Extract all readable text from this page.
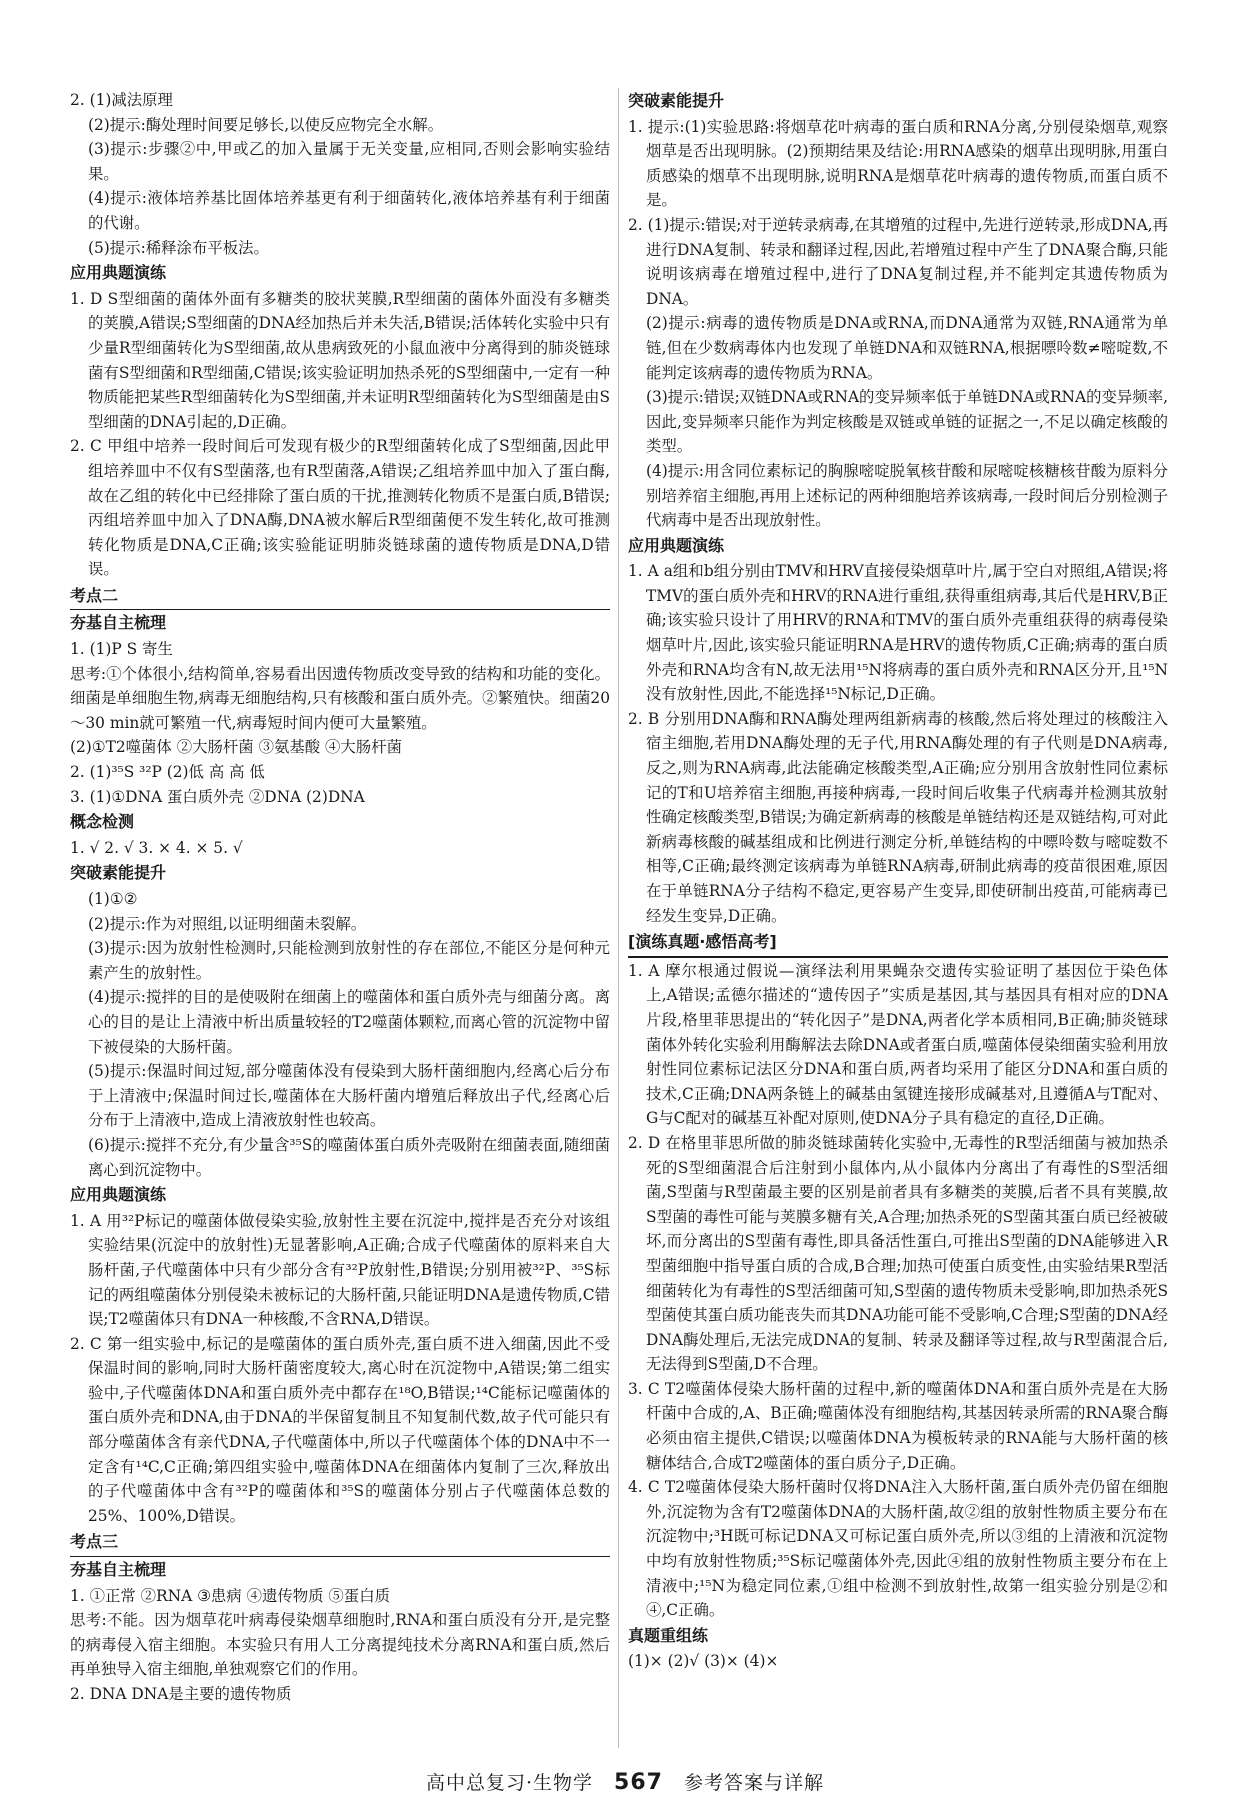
2. (1)减法原理
(2)提示:酶处理时间要足够长,以使反应物完全水解。
(3)提示:步骤②中,甲或乙的加入量属于无关变量,应相同,否则会影响实验结果。
(4)提示:液体培养基比固体培养基更有利于细菌转化,液体培养基有利于细菌的代谢。
(5)提示:稀释涂布平板法。
应用典题演练
1. D S型细菌的菌体外面有多糖类的胶状荚膜,R型细菌的菌体外面没有多糖类的荚膜,A错误;S型细菌的DNA经加热后并未失活,B错误;活体转化实验中只有少量R型细菌转化为S型细菌,故从患病致死的小鼠血液中分离得到的肺炎链球菌有S型细菌和R型细菌,C错误;该实验证明加热杀死的S型细菌中,一定有一种物质能把某些R型细菌转化为S型细菌,并未证明R型细菌转化为S型细菌是由S型细菌的DNA引起的,D正确。
2. C 甲组中培养一段时间后可发现有极少的R型细菌转化成了S型细菌,因此甲组培养皿中不仅有S型菌落,也有R型菌落,A错误;乙组培养皿中加入了蛋白酶,故在乙组的转化中已经排除了蛋白质的干扰,推测转化物质不是蛋白质,B错误;丙组培养皿中加入了DNA酶,DNA被水解后R型细菌便不发生转化,故可推测转化物质是DNA,C正确;该实验能证明肺炎链球菌的遗传物质是DNA,D错误。
考点二
夯基自主梳理
1. (1)P S 寄生
思考:①个体很小,结构简单,容易看出因遗传物质改变导致的结构和功能的变化。细菌是单细胞生物,病毒无细胞结构,只有核酸和蛋白质外壳。②繁殖快。细菌20～30 min就可繁殖一代,病毒短时间内便可大量繁殖。
(2)①T2噬菌体 ②大肠杆菌 ③氨基酸 ④大肠杆菌
2. (1)³⁵S ³²P (2)低 高 高 低
3. (1)①DNA 蛋白质外壳 ②DNA (2)DNA
概念检测
1. √ 2. √ 3. × 4. × 5. √
突破素能提升
(1)①②
(2)提示:作为对照组,以证明细菌未裂解。
(3)提示:因为放射性检测时,只能检测到放射性的存在部位,不能区分是何种元素产生的放射性。
(4)提示:搅拌的目的是使吸附在细菌上的噬菌体和蛋白质外壳与细菌分离。离心的目的是让上清液中析出质量较轻的T2噬菌体颗粒,而离心管的沉淀物中留下被侵染的大肠杆菌。
(5)提示:保温时间过短,部分噬菌体没有侵染到大肠杆菌细胞内,经离心后分布于上清液中;保温时间过长,噬菌体在大肠杆菌内增殖后释放出子代,经离心后分布于上清液中,造成上清液放射性也较高。
(6)提示:搅拌不充分,有少量含³⁵S的噬菌体蛋白质外壳吸附在细菌表面,随细菌离心到沉淀物中。
应用典题演练
1. A 用³²P标记的噬菌体做侵染实验,放射性主要在沉淀中,搅拌是否充分对该组实验结果(沉淀中的放射性)无显著影响,A正确;合成子代噬菌体的原料来自大肠杆菌,子代噬菌体中只有少部分含有³²P放射性,B错误;分别用被³²P、³⁵S标记的两组噬菌体分别侵染未被标记的大肠杆菌,只能证明DNA是遗传物质,C错误;T2噬菌体只有DNA一种核酸,不含RNA,D错误。
2. C 第一组实验中,标记的是噬菌体的蛋白质外壳,蛋白质不进入细菌,因此不受保温时间的影响,同时大肠杆菌密度较大,离心时在沉淀物中,A错误;第二组实验中,子代噬菌体DNA和蛋白质外壳中都存在¹⁸O,B错误;¹⁴C能标记噬菌体的蛋白质外壳和DNA,由于DNA的半保留复制且不知复制代数,故子代可能只有部分噬菌体含有亲代DNA,子代噬菌体中,所以子代噬菌体个体的DNA中不一定含有¹⁴C,C正确;第四组实验中,噬菌体DNA在细菌体内复制了三次,释放出的子代噬菌体中含有³²P的噬菌体和³⁵S的噬菌体分别占子代噬菌体总数的25%、100%,D错误。
考点三
夯基自主梳理
1. ①正常 ②RNA ③患病 ④遗传物质 ⑤蛋白质
思考:不能。因为烟草花叶病毒侵染烟草细胞时,RNA和蛋白质没有分开,是完整的病毒侵入宿主细胞。本实验只有用人工分离提纯技术分离RNA和蛋白质,然后再单独导入宿主细胞,单独观察它们的作用。
2. DNA DNA是主要的遗传物质
突破素能提升
1. 提示:(1)实验思路:将烟草花叶病毒的蛋白质和RNA分离,分别侵染烟草,观察烟草是否出现明脉。(2)预期结果及结论:用RNA感染的烟草出现明脉,用蛋白质感染的烟草不出现明脉,说明RNA是烟草花叶病毒的遗传物质,而蛋白质不是。
2. (1)提示:错误;对于逆转录病毒,在其增殖的过程中,先进行逆转录,形成DNA,再进行DNA复制、转录和翻译过程,因此,若增殖过程中产生了DNA聚合酶,只能说明该病毒在增殖过程中,进行了DNA复制过程,并不能判定其遗传物质为DNA。
(2)提示:病毒的遗传物质是DNA或RNA,而DNA通常为双链,RNA通常为单链,但在少数病毒体内也发现了单链DNA和双链RNA,根据嘌呤数≠嘧啶数,不能判定该病毒的遗传物质为RNA。
(3)提示:错误;双链DNA或RNA的变异频率低于单链DNA或RNA的变异频率,因此,变异频率只能作为判定核酸是双链或单链的证据之一,不足以确定核酸的类型。
(4)提示:用含同位素标记的胸腺嘧啶脱氧核苷酸和尿嘧啶核糖核苷酸为原料分别培养宿主细胞,再用上述标记的两种细胞培养该病毒,一段时间后分别检测子代病毒中是否出现放射性。
应用典题演练
1. A a组和b组分别由TMV和HRV直接侵染烟草叶片,属于空白对照组,A错误;将TMV的蛋白质外壳和HRV的RNA进行重组,获得重组病毒,其后代是HRV,B正确;该实验只设计了用HRV的RNA和TMV的蛋白质外壳重组获得的病毒侵染烟草叶片,因此,该实验只能证明RNA是HRV的遗传物质,C正确;病毒的蛋白质外壳和RNA均含有N,故无法用¹⁵N将病毒的蛋白质外壳和RNA区分开,且¹⁵N没有放射性,因此,不能选择¹⁵N标记,D正确。
2. B 分别用DNA酶和RNA酶处理两组新病毒的核酸,然后将处理过的核酸注入宿主细胞,若用DNA酶处理的无子代,用RNA酶处理的有子代则是DNA病毒,反之,则为RNA病毒,此法能确定核酸类型,A正确;应分别用含放射性同位素标记的T和U培养宿主细胞,再接种病毒,一段时间后收集子代病毒并检测其放射性确定核酸类型,B错误;为确定新病毒的核酸是单链结构还是双链结构,可对此新病毒核酸的碱基组成和比例进行测定分析,单链结构的中嘌呤数与嘧啶数不相等,C正确;最终测定该病毒为单链RNA病毒,研制此病毒的疫苗很困难,原因在于单链RNA分子结构不稳定,更容易产生变异,即使研制出疫苗,可能病毒已经发生变异,D正确。
[演练真题·感悟高考]
1. A 摩尔根通过假说—演绎法利用果蝇杂交遗传实验证明了基因位于染色体上,A错误;孟德尔描述的“遗传因子”实质是基因,其与基因具有相对应的DNA片段,格里菲思提出的“转化因子”是DNA,两者化学本质相同,B正确;肺炎链球菌体外转化实验利用酶解法去除DNA或者蛋白质,噬菌体侵染细菌实验利用放射性同位素标记法区分DNA和蛋白质,两者均采用了能区分DNA和蛋白质的技术,C正确;DNA两条链上的碱基由氢键连接形成碱基对,且遵循A与T配对、G与C配对的碱基互补配对原则,使DNA分子具有稳定的直径,D正确。
2. D 在格里菲思所做的肺炎链球菌转化实验中,无毒性的R型活细菌与被加热杀死的S型细菌混合后注射到小鼠体内,从小鼠体内分离出了有毒性的S型活细菌,S型菌与R型菌最主要的区别是前者具有多糖类的荚膜,后者不具有荚膜,故S型菌的毒性可能与荚膜多糖有关,A合理;加热杀死的S型菌其蛋白质已经被破坏,而分离出的S型菌有毒性,即具备活性蛋白,可推出S型菌的DNA能够进入R型菌细胞中指导蛋白质的合成,B合理;加热可使蛋白质变性,由实验结果R型活细菌转化为有毒性的S型活细菌可知,S型菌的遗传物质未受影响,即加热杀死S型菌使其蛋白质功能丧失而其DNA功能可能不受影响,C合理;S型菌的DNA经DNA酶处理后,无法完成DNA的复制、转录及翻译等过程,故与R型菌混合后,无法得到S型菌,D不合理。
3. C T2噬菌体侵染大肠杆菌的过程中,新的噬菌体DNA和蛋白质外壳是在大肠杆菌中合成的,A、B正确;噬菌体没有细胞结构,其基因转录所需的RNA聚合酶必须由宿主提供,C错误;以噬菌体DNA为模板转录的RNA能与大肠杆菌的核糖体结合,合成T2噬菌体的蛋白质分子,D正确。
4. C T2噬菌体侵染大肠杆菌时仅将DNA注入大肠杆菌,蛋白质外壳仍留在细胞外,沉淀物为含有T2噬菌体DNA的大肠杆菌,故②组的放射性物质主要分布在沉淀物中;³H既可标记DNA又可标记蛋白质外壳,所以③组的上清液和沉淀物中均有放射性物质;³⁵S标记噬菌体外壳,因此④组的放射性物质主要分布在上清液中;¹⁵N为稳定同位素,①组中检测不到放射性,故第一组实验分别是②和④,C正确。
真题重组练
(1)× (2)√ (3)× (4)×
高中总复习·生物学 567 参考答案与详解
